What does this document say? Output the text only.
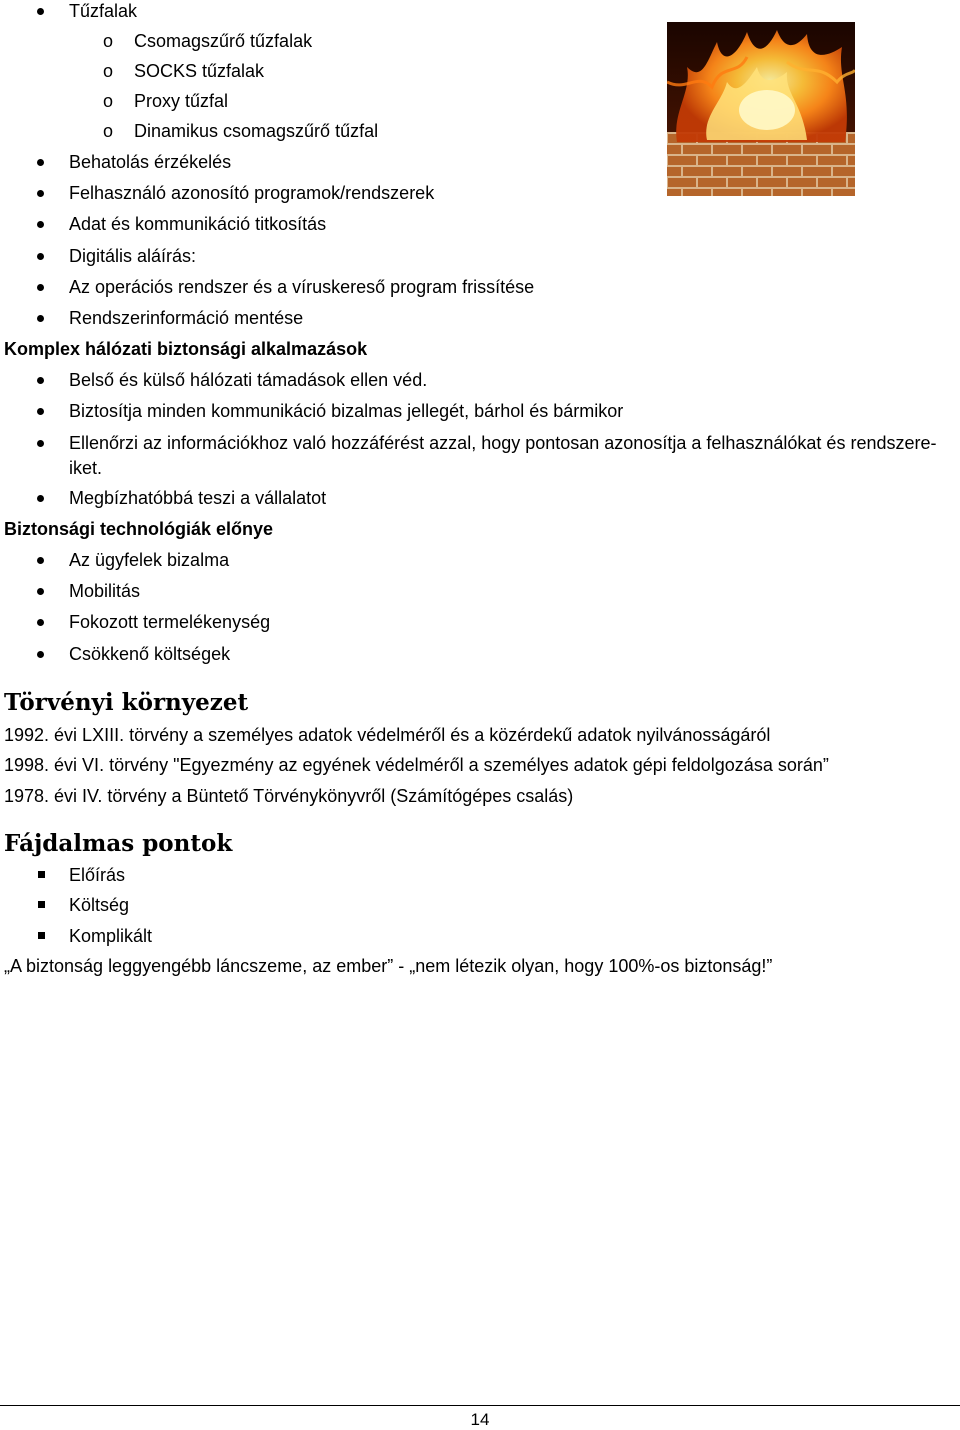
Tűzfalak
o Csomagszűrő tűzfalak
o SOCKS tűzfalak
o Proxy tűzfal
o Dinamikus csomagszűrő tűzfal
Behatolás érzékelés
Felhasználó azonosító programok/rendszerek
Adat és kommunikáció titkosítás
Digitális aláírás:
Az operációs rendszer és a víruskereső program frissítése
Rendszerinformáció mentése
Komplex hálózati biztonsági alkalmazások
Belső és külső hálózati támadások ellen véd.
Biztosítja minden kommunikáció bizalmas jellegét, bárhol és bármikor
Ellenőrzi az információkhoz való hozzáférést azzal, hogy pontosan azonosítja a felhasználókat és rendszere-
iket.
Megbízhatóbbá teszi a vállalatot
Biztonsági technológiák előnye
Az ügyfelek bizalma
Mobilitás
Fokozott termelékenység
Csökkenő költségek
Törvényi környezet
1992. évi LXIII. törvény a személyes adatok védelméről és a közérdekű adatok nyilvánosságáról
1998. évi VI. törvény "Egyezmény az egyének védelméről a személyes adatok gépi feldolgozása során”
1978. évi IV. törvény a Büntető Törvénykönyvről (Számítógépes csalás)
Fájdalmas pontok
Előírás
Költség
Komplikált
„A biztonság leggyengébb láncszeme, az ember” - „nem létezik olyan, hogy 100%-os biztonság!”
14
